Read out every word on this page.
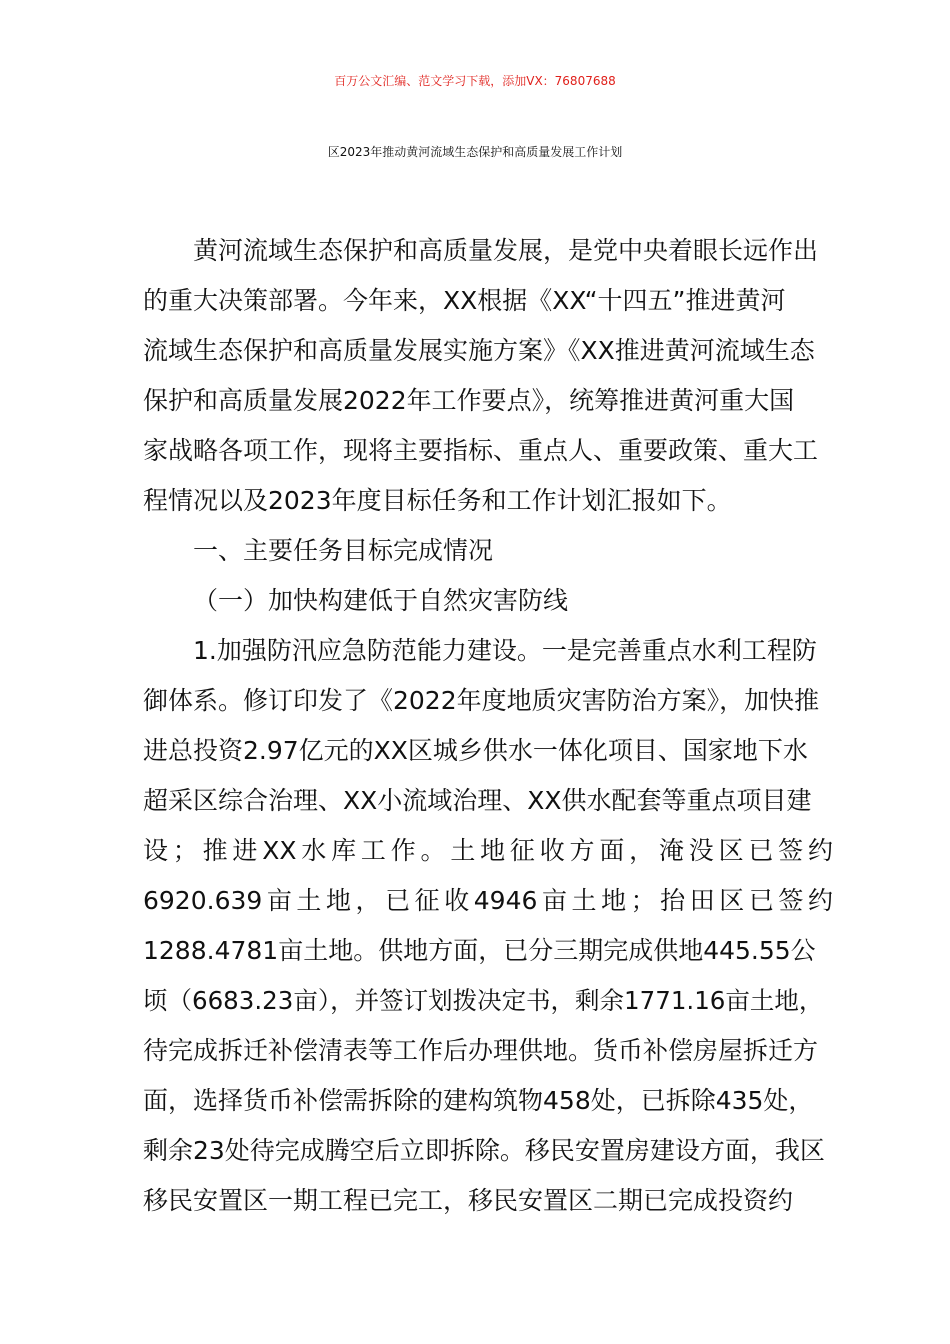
百万公文汇编、范文学习下载，添加VX：76807688
区2023年推动黄河流域生态保护和高质量发展工作计划
黄河流域生态保护和高质量发展，是党中央着眼长远作出
的重大决策部署。今年来，XX根据《XX“十四五”推进黄河
流域生态保护和高质量发展实施方案》《XX推进黄河流域生态
保护和高质量发展2022年工作要点》，统筹推进黄河重大国
家战略各项工作，现将主要指标、重点人、重要政策、重大工
程情况以及2023年度目标任务和工作计划汇报如下。
一、主要任务目标完成情况
（一）加快构建低于自然灾害防线
1.加强防汛应急防范能力建设。一是完善重点水利工程防
御体系。修订印发了《2022年度地质灾害防治方案》，加快推
进总投资2.97亿元的XX区城乡供水一体化项目、国家地下水
超采区综合治理、XX小流域治理、XX供水配套等重点项目建
设；推进XX水库工作。土地征收方面，淹没区已签约
6920.639亩土地，已征收4946亩土地；抬田区已签约
1288.4781亩土地。供地方面，已分三期完成供地445.55公
顷（6683.23亩），并签订划拨决定书，剩余1771.16亩土地，
待完成拆迁补偿清表等工作后办理供地。货币补偿房屋拆迁方
面，选择货币补偿需拆除的建构筑物458处，已拆除435处，
剩余23处待完成腾空后立即拆除。移民安置房建设方面，我区
移民安置区一期工程已完工，移民安置区二期已完成投资约
